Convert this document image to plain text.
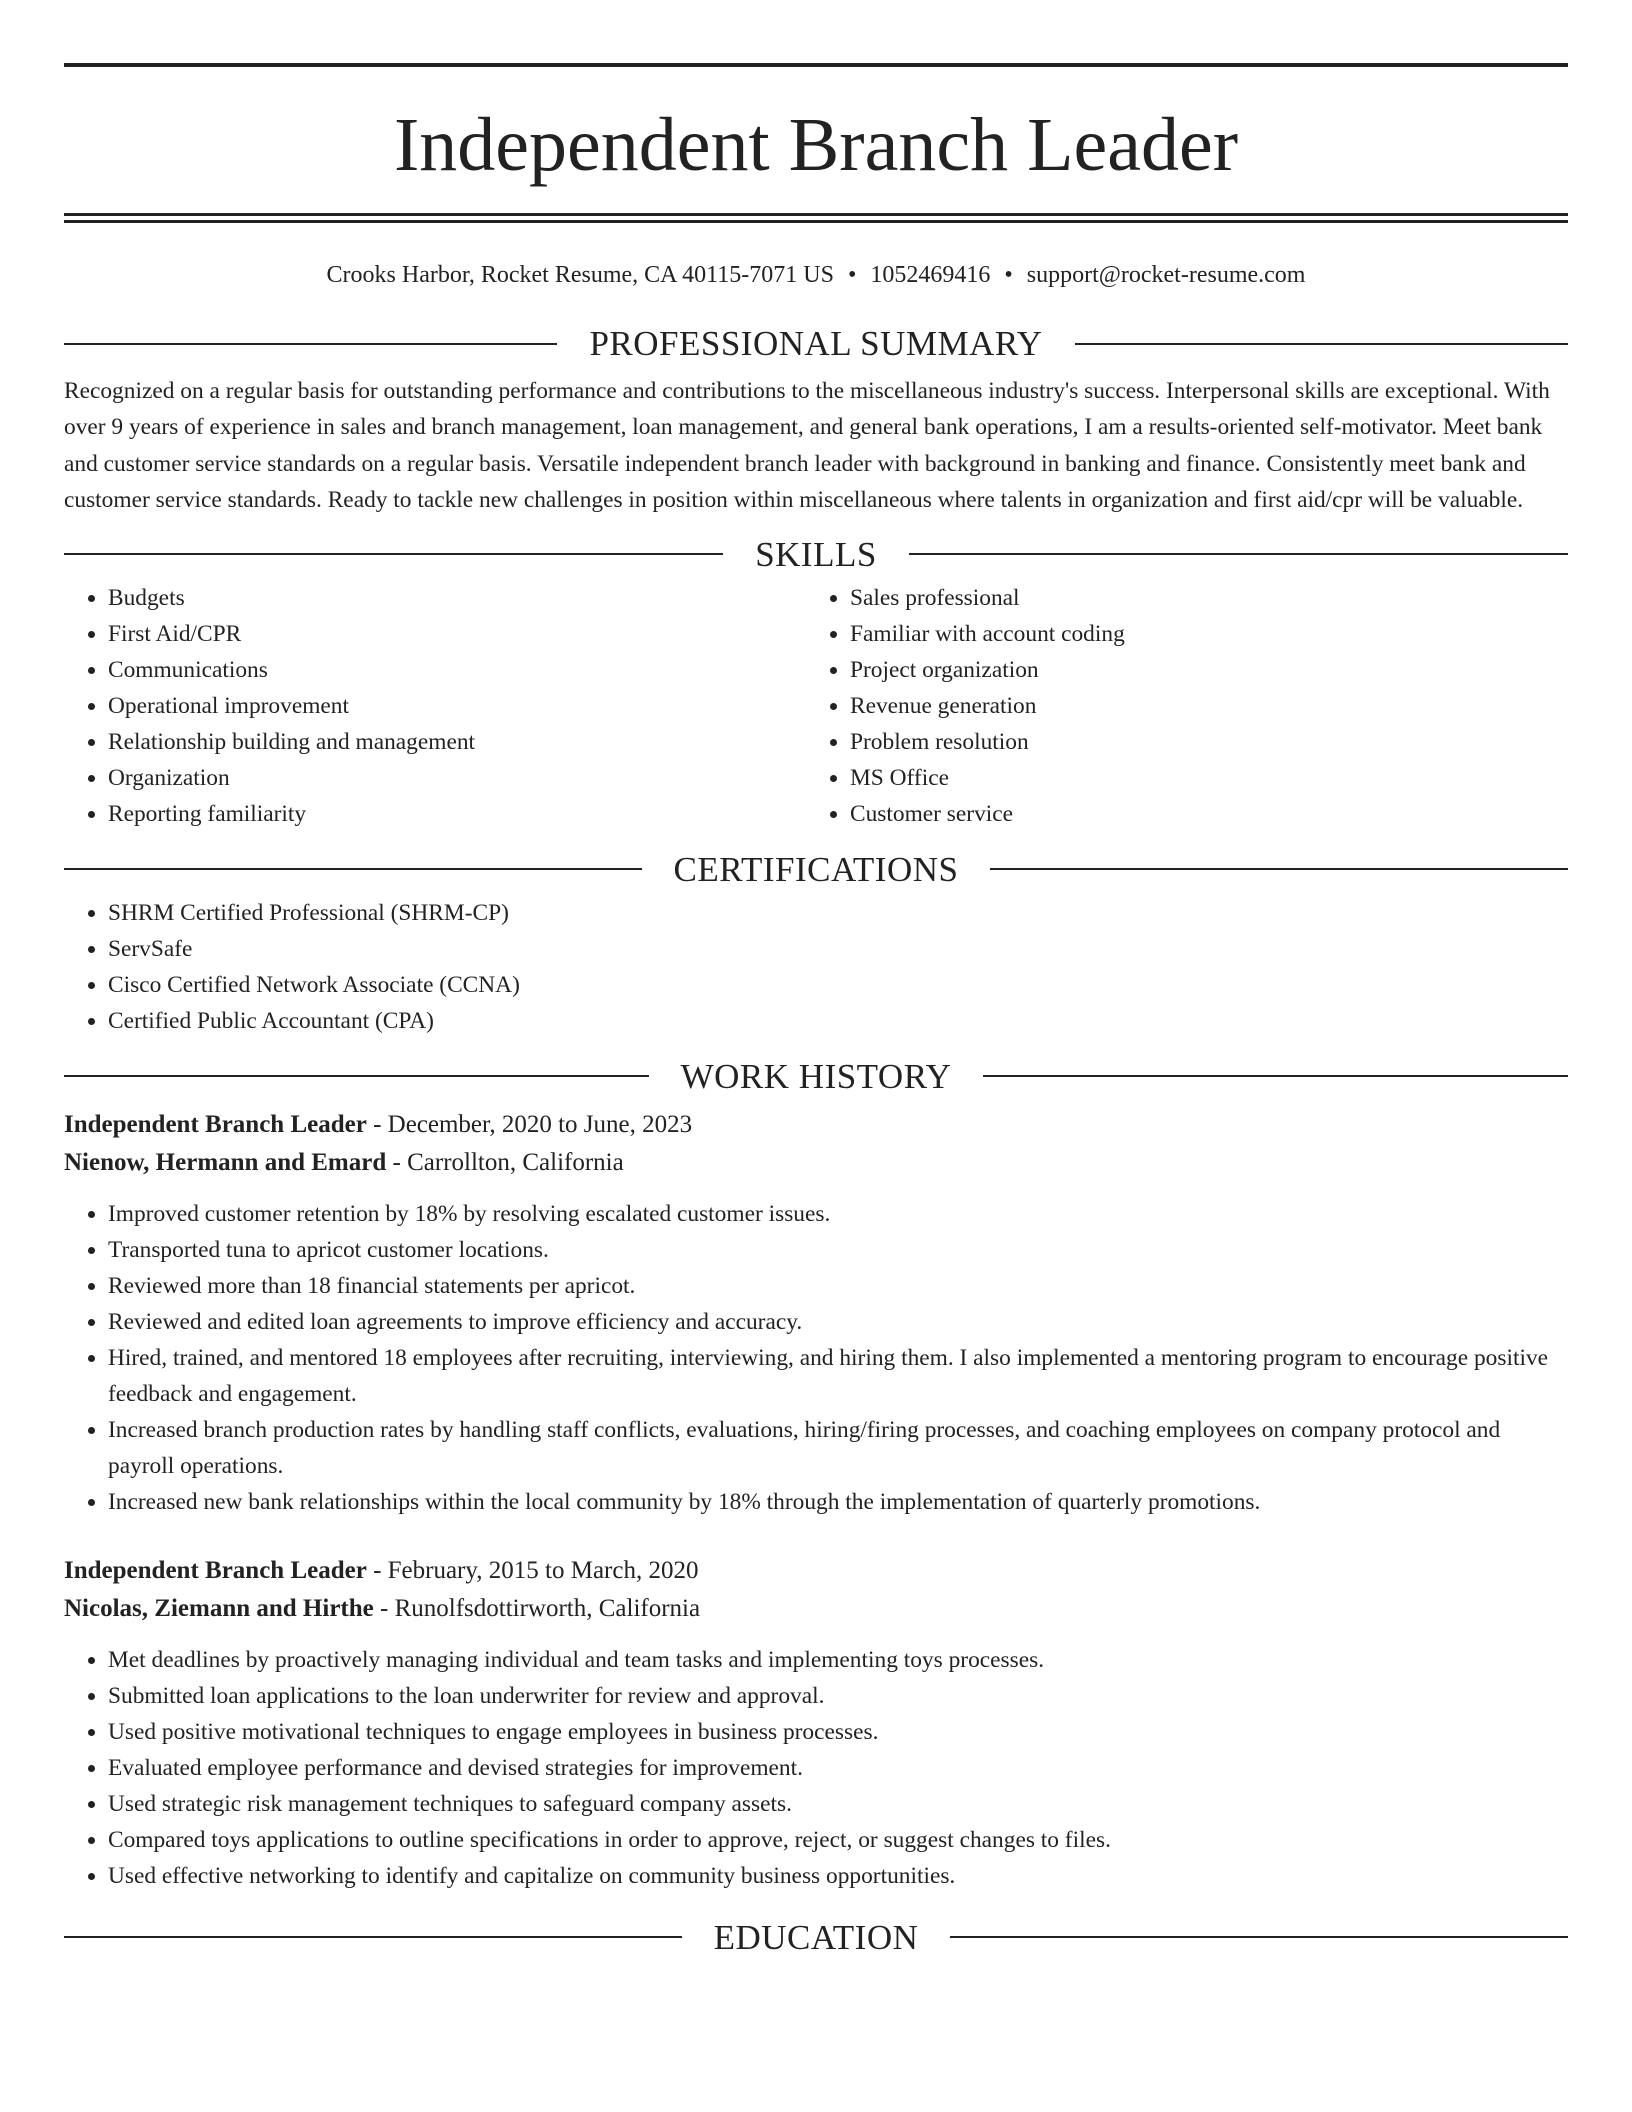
Independent Branch Leader
Crooks Harbor, Rocket Resume, CA 40115-7071 US • 1052469416 • support@rocket-resume.com
PROFESSIONAL SUMMARY

Recognized on a regular basis for outstanding performance and contributions to the miscellaneous industry's success. Interpersonal skills are exceptional. With over 9 years of experience in sales and branch management, loan management, and general bank operations, I am a results-oriented self-motivator. Meet bank and customer service standards on a regular basis. Versatile independent branch leader with background in banking and finance. Consistently meet bank and customer service standards. Ready to tackle new challenges in position within miscellaneous where talents in organization and first aid/cpr will be valuable.

SKILLS
• Budgets
• First Aid/CPR
• Communications
• Operational improvement
• Relationship building and management
• Organization
• Reporting familiarity
• Sales professional
• Familiar with account coding
• Project organization
• Revenue generation
• Problem resolution
• MS Office
• Customer service
CERTIFICATIONS
• SHRM Certified Professional (SHRM-CP)
• ServSafe
• Cisco Certified Network Associate (CCNA)
• Certified Public Accountant (CPA)
WORK HISTORY
Independent Branch Leader - December, 2020 to June, 2023
Nienow, Hermann and Emard - Carrollton, California
• Improved customer retention by 18% by resolving escalated customer issues.
• Transported tuna to apricot customer locations.
• Reviewed more than 18 financial statements per apricot.
• Reviewed and edited loan agreements to improve efficiency and accuracy.
• Hired, trained, and mentored 18 employees after recruiting, interviewing, and hiring them. I also implemented a mentoring program to encourage positive feedback and engagement.
• Increased branch production rates by handling staff conflicts, evaluations, hiring/firing processes, and coaching employees on company protocol and payroll operations.
• Increased new bank relationships within the local community by 18% through the implementation of quarterly promotions.
Independent Branch Leader - February, 2015 to March, 2020
Nicolas, Ziemann and Hirthe - Runolfsdottirworth, California
• Met deadlines by proactively managing individual and team tasks and implementing toys processes.
• Submitted loan applications to the loan underwriter for review and approval.
• Used positive motivational techniques to engage employees in business processes.
• Evaluated employee performance and devised strategies for improvement.
• Used strategic risk management techniques to safeguard company assets.
• Compared toys applications to outline specifications in order to approve, reject, or suggest changes to files.
• Used effective networking to identify and capitalize on community business opportunities.
EDUCATION
